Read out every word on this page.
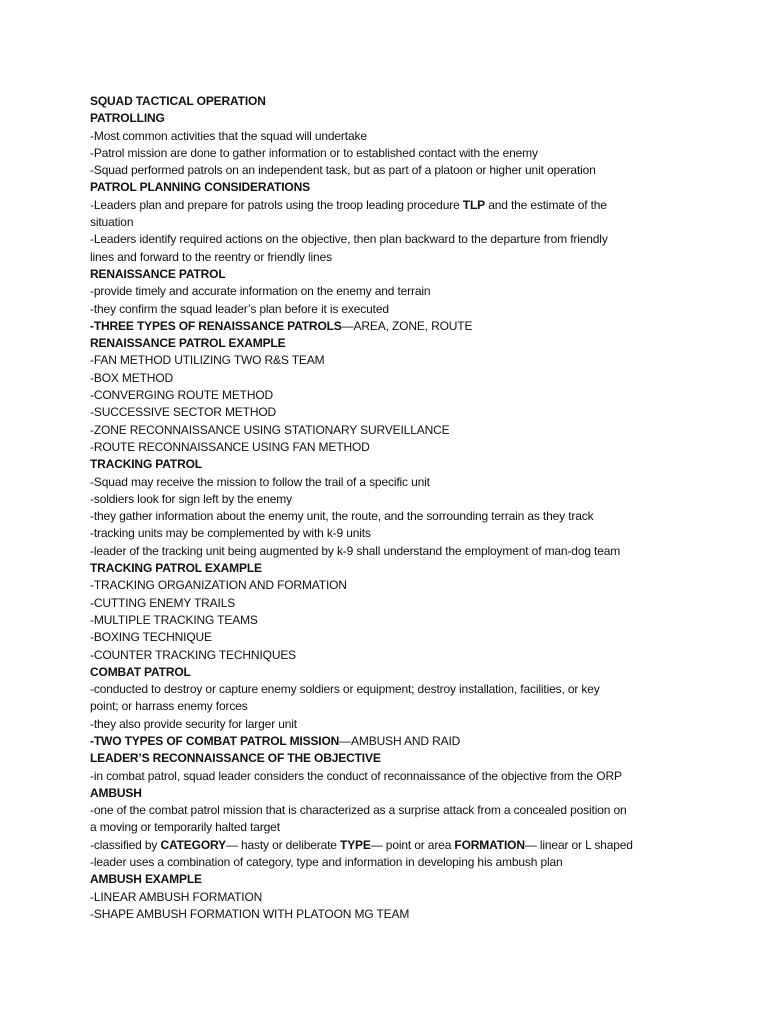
SQUAD TACTICAL OPERATION
PATROLLING
-Most common activities that the squad will undertake
-Patrol mission are done to gather information or to established contact with the enemy
-Squad performed patrols on an independent task, but as part of a platoon or higher unit operation
PATROL PLANNING CONSIDERATIONS
-Leaders plan and prepare for patrols using the troop leading procedure TLP and the estimate of the
situation
-Leaders identify required actions on the objective, then plan backward to the departure from friendly
lines and forward to the reentry or friendly lines
RENAISSANCE PATROL
-provide timely and accurate information on the enemy and terrain
-they confirm the squad leader’s plan before it is executed
-THREE TYPES OF RENAISSANCE PATROLS—AREA, ZONE, ROUTE
RENAISSANCE PATROL EXAMPLE
-FAN METHOD UTILIZING TWO R&S TEAM
-BOX METHOD
-CONVERGING ROUTE METHOD
-SUCCESSIVE SECTOR METHOD
-ZONE RECONNAISSANCE USING STATIONARY SURVEILLANCE
-ROUTE RECONNAISSANCE USING FAN METHOD
TRACKING PATROL
-Squad may receive the mission to follow the trail of a specific unit
-soldiers look for sign left by the enemy
-they gather information about the enemy unit, the route, and the sorrounding terrain as they track
-tracking units may be complemented by with k-9 units
-leader of the tracking unit being augmented by k-9 shall understand the employment of man-dog team
TRACKING PATROL EXAMPLE
-TRACKING ORGANIZATION AND FORMATION
-CUTTING ENEMY TRAILS
-MULTIPLE TRACKING TEAMS
-BOXING TECHNIQUE
-COUNTER TRACKING TECHNIQUES
COMBAT PATROL
-conducted to destroy or capture enemy soldiers or equipment; destroy installation, facilities, or key
point; or harrass enemy forces
-they also provide security for larger unit
-TWO TYPES OF COMBAT PATROL MISSION—AMBUSH AND RAID
LEADER’S RECONNAISSANCE OF THE OBJECTIVE
-in combat patrol, squad leader considers the conduct of reconnaissance of the objective from the ORP
AMBUSH
-one of the combat patrol mission that is characterized as a surprise attack from a concealed position on
a moving or temporarily halted target
-classified by CATEGORY— hasty or deliberate TYPE— point or area FORMATION— linear or L shaped
-leader uses a combination of category, type and information in developing his ambush plan
AMBUSH EXAMPLE
-LINEAR AMBUSH FORMATION
-SHAPE AMBUSH FORMATION WITH PLATOON MG TEAM
